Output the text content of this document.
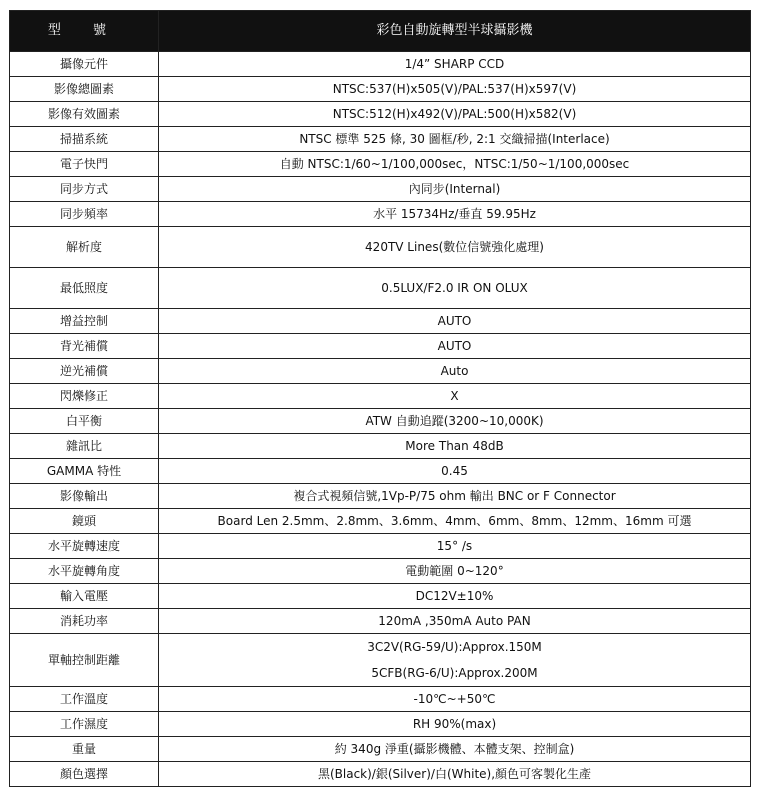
型 號	彩色自動旋轉型半球攝影機
攝像元件	1/4” SHARP CCD
影像總圖素	NTSC:537(H)x505(V)/PAL:537(H)x597(V)
影像有效圖素	NTSC:512(H)x492(V)/PAL:500(H)x582(V)
掃描系統	NTSC 標準 525 條, 30 圖框/秒, 2:1 交織掃描(Interlace)
電子快門	自動 NTSC:1/60~1/100,000sec，NTSC:1/50~1/100,000sec
同步方式	內同步(Internal)
同步頻率	水平 15734Hz/垂直 59.95Hz
解析度	420TV Lines(數位信號強化處理)
最低照度	0.5LUX/F2.0 IR ON OLUX
增益控制	AUTO
背光補償	AUTO
逆光補償	Auto
閃爍修正	X
白平衡	ATW 自動追蹤(3200~10,000K)
雜訊比	More Than 48dB
GAMMA 特性	0.45
影像輸出	複合式視頻信號,1Vp-P/75 ohm 輸出 BNC or F Connector
鏡頭	Board Len 2.5mm、2.8mm、3.6mm、4mm、6mm、8mm、12mm、16mm 可選
水平旋轉速度	15° /s
水平旋轉角度	電動範圍 0~120°
輸入電壓	DC12V±10%
消耗功率	120mA ,350mA Auto PAN
單軸控制距離	3C2V(RG-59/U):Approx.150M
5CFB(RG-6/U):Approx.200M

工作溫度	-10℃~+50℃
工作濕度	RH 90%(max)
重量	約 340g 淨重(攝影機體、本體支架、控制盒)
顏色選擇	黑(Black)/銀(Silver)/白(White),顏色可客製化生產
